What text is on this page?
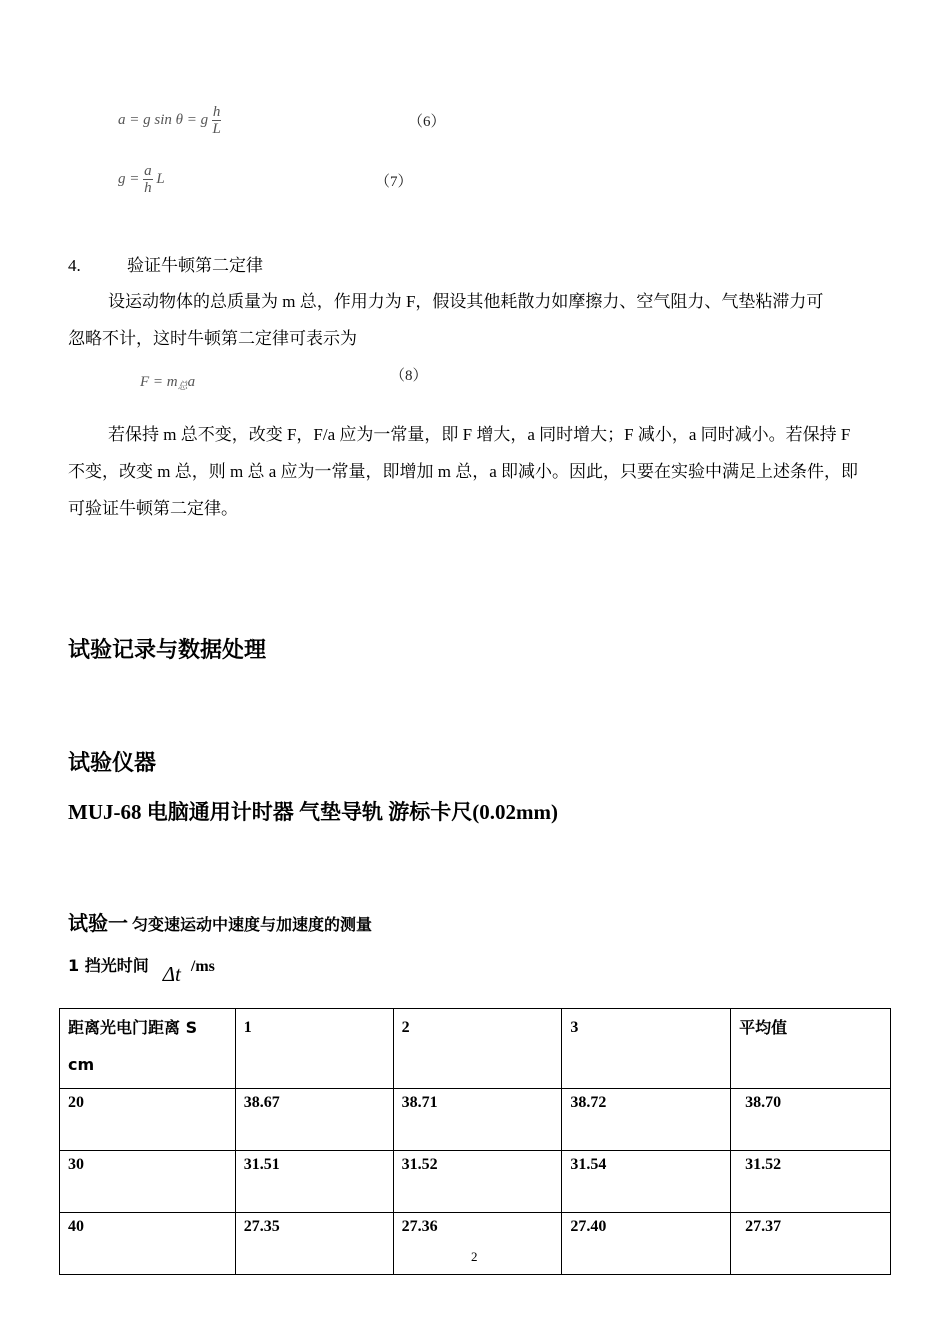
a = g sin θ = g $\frac{h}{L}$	（6）
$g = \frac{a}{h}$ L	（7）
4.	验证牛顿第二定律
设运动物体的总质量为 m 总，作用力为 F，假设其他耗散力如摩擦力、空气阻力、气垫粘滞力可
忽略不计，这时牛顿第二定律可表示为
$F = m_总a$	（8）
若保持 m 总不变，改变 F，F/a 应为一常量，即 F 增大，a 同时增大；F 减小，a 同时减小。若保持 F
不变，改变 m 总，则 m 总 a 应为一常量，即增加 m 总，a 即减小。因此，只要在实验中满足上述条件，即
可验证牛顿第二定律。
试验记录与数据处理
试验仪器
MUJ-68 电脑通用计时器 气垫导轨 游标卡尺(0.02mm)
试验一 匀变速运动中速度与加速度的测量
1 挡光时间 Δt /ms
距离光电门距离 S cm	1	2	3	平均值
20	38.67	38.71	38.72	38.70
30	31.51	31.52	31.54	31.52
40	27.35	27.36	27.40	27.37
2
